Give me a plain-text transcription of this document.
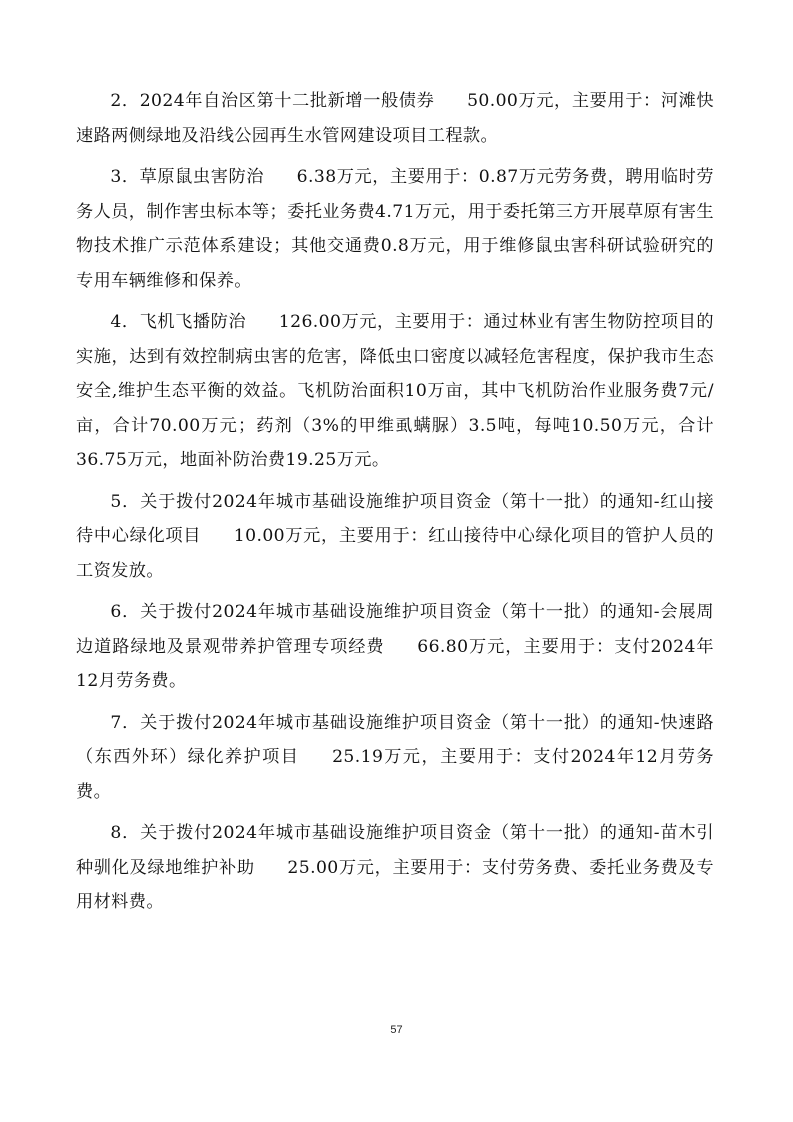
2．2024年自治区第十二批新增一般债券 50.00万元，主要用于：河滩快速路两侧绿地及沿线公园再生水管网建设项目工程款。

3．草原鼠虫害防治 6.38万元，主要用于：0.87万元劳务费，聘用临时劳务人员，制作害虫标本等；委托业务费4.71万元，用于委托第三方开展草原有害生物技术推广示范体系建设；其他交通费0.8万元，用于维修鼠虫害科研试验研究的专用车辆维修和保养。

4．飞机飞播防治 126.00万元，主要用于：通过林业有害生物防控项目的实施，达到有效控制病虫害的危害，降低虫口密度以减轻危害程度，保护我市生态安全,维护生态平衡的效益。飞机防治面积10万亩，其中飞机防治作业服务费7元/亩，合计70.00万元；药剂（3%的甲维虱螨脲）3.5吨，每吨10.50万元，合计36.75万元，地面补防治费19.25万元。

5．关于拨付2024年城市基础设施维护项目资金（第十一批）的通知-红山接待中心绿化项目 10.00万元，主要用于：红山接待中心绿化项目的管护人员的工资发放。

6．关于拨付2024年城市基础设施维护项目资金（第十一批）的通知-会展周边道路绿地及景观带养护管理专项经费 66.80万元，主要用于：支付2024年12月劳务费。

7．关于拨付2024年城市基础设施维护项目资金（第十一批）的通知-快速路（东西外环）绿化养护项目 25.19万元，主要用于：支付2024年12月劳务费。

8．关于拨付2024年城市基础设施维护项目资金（第十一批）的通知-苗木引种驯化及绿地维护补助 25.00万元，主要用于：支付劳务费、委托业务费及专用材料费。

57
